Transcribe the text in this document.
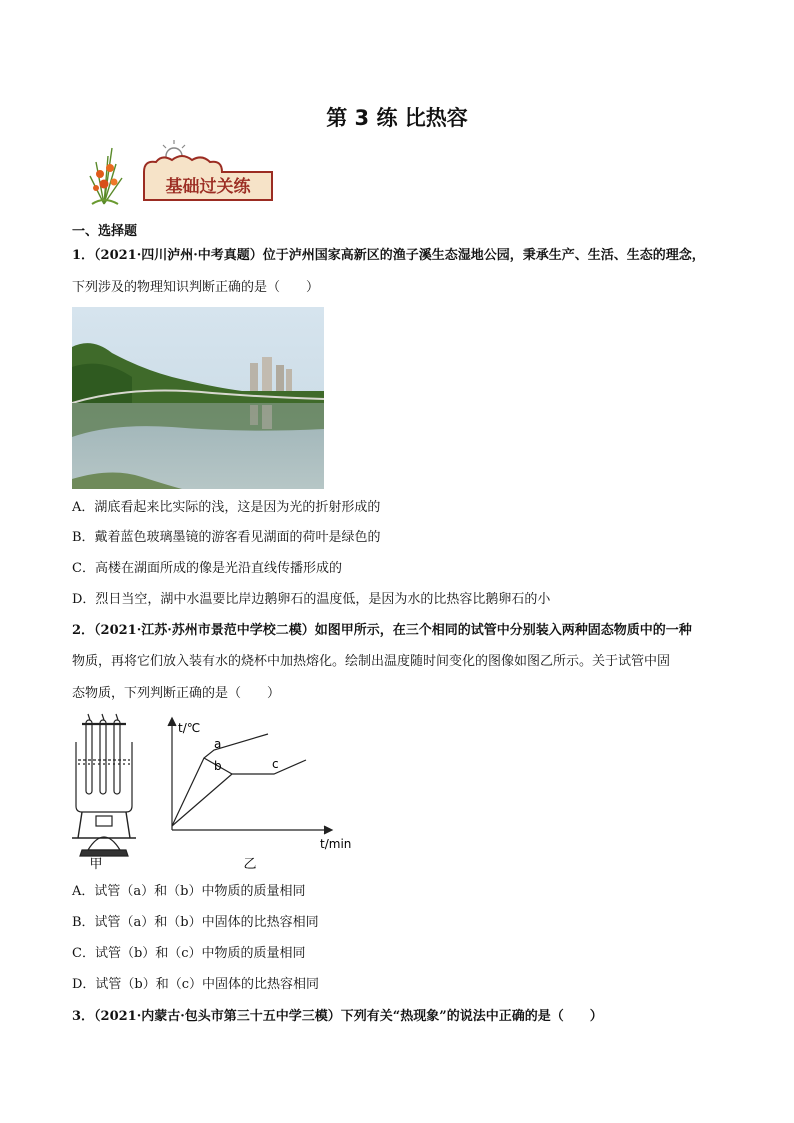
第 3 练 比热容
基础过关练
一、选择题
1．（2021·四川泸州·中考真题）位于泸州国家高新区的渔子溪生态湿地公园，秉承生产、生活、生态的理念，
下列涉及的物理知识判断正确的是（　　）
A．湖底看起来比实际的浅，这是因为光的折射形成的
B．戴着蓝色玻璃墨镜的游客看见湖面的荷叶是绿色的
C．高楼在湖面所成的像是光沿直线传播形成的
D．烈日当空，湖中水温要比岸边鹅卵石的温度低，是因为水的比热容比鹅卵石的小
2．（2021·江苏·苏州市景范中学校二模）如图甲所示，在三个相同的试管中分别装入两种固态物质中的一种
物质，再将它们放入装有水的烧杯中加热熔化。绘制出温度随时间变化的图像如图乙所示。关于试管中固
态物质，下列判断正确的是（　　）
甲
t/℃
t/min
a
b	c
乙
A．试管（a）和（b）中物质的质量相同
B．试管（a）和（b）中固体的比热容相同
C．试管（b）和（c）中物质的质量相同
D．试管（b）和（c）中固体的比热容相同
3．（2021·内蒙古·包头市第三十五中学三模）下列有关“热现象”的说法中正确的是（　　）
